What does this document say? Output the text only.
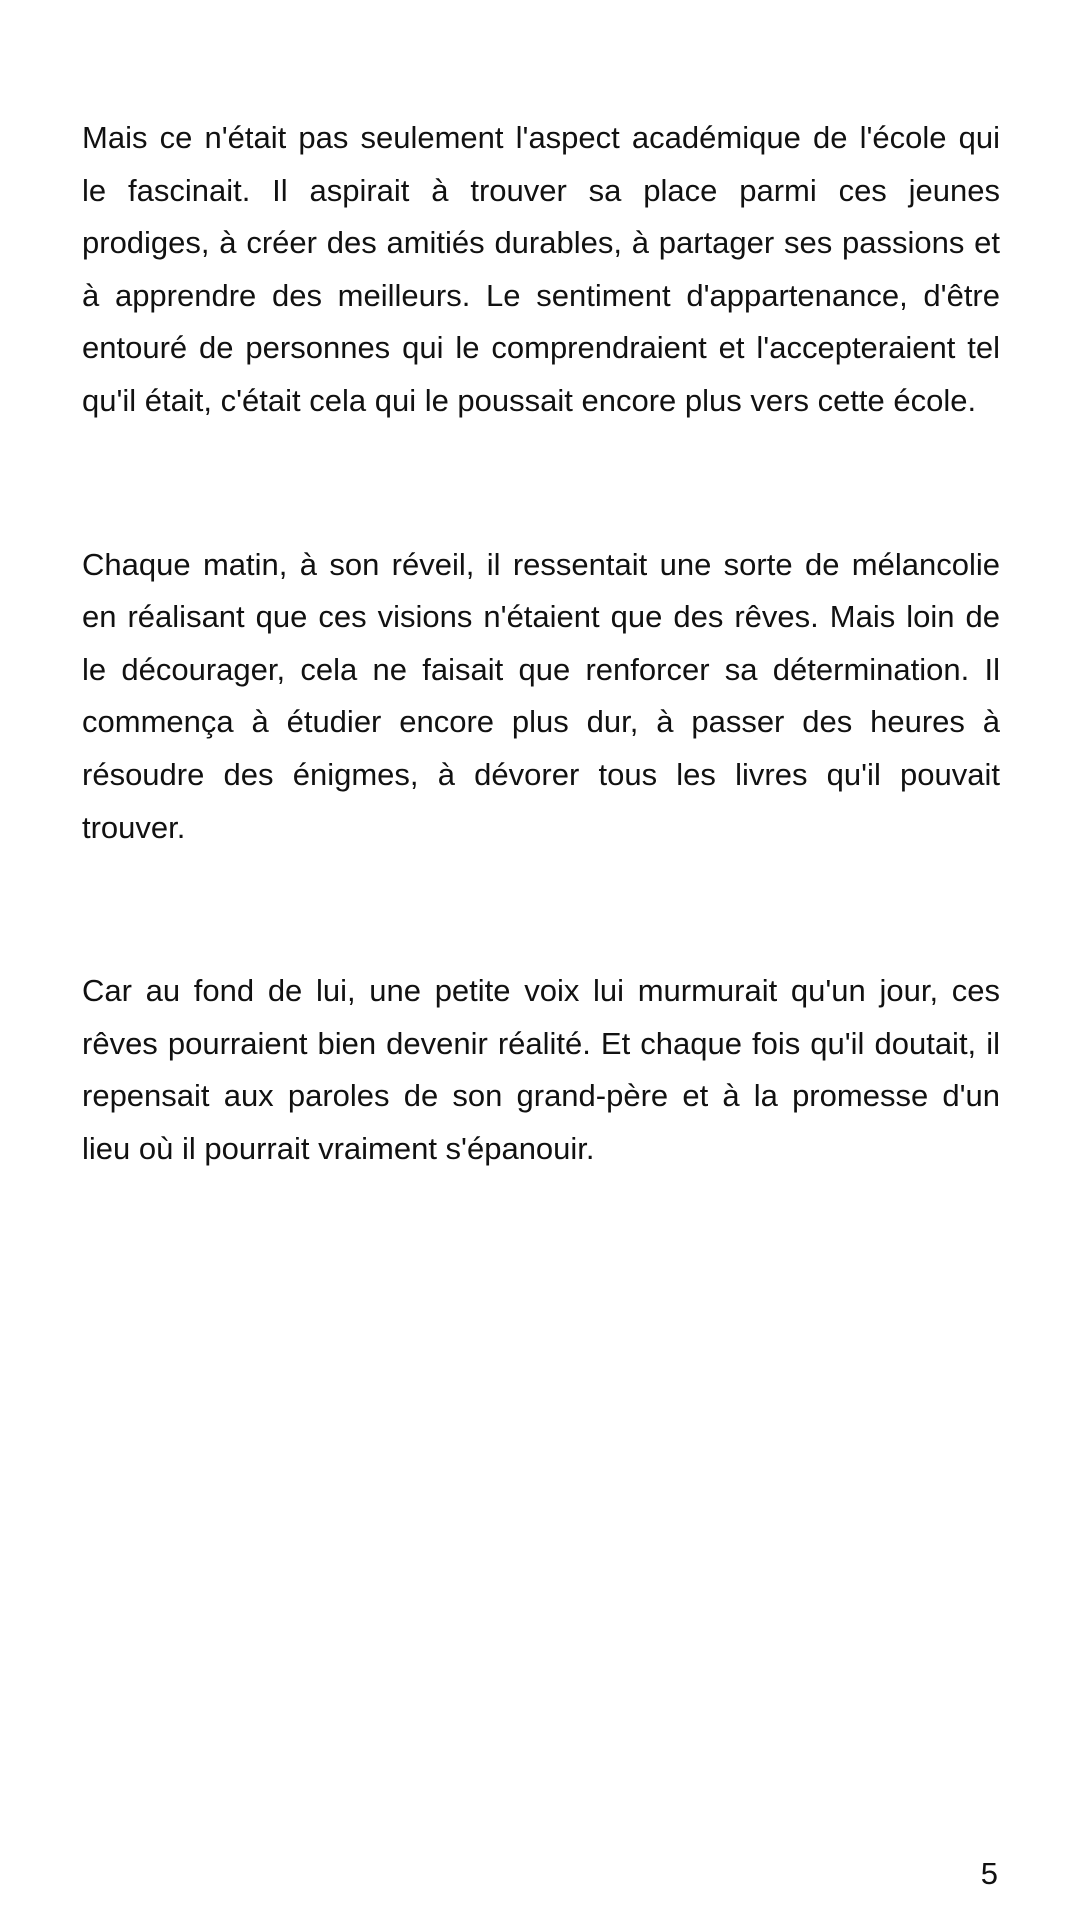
Mais ce n'était pas seulement l'aspect académique de l'école qui le fascinait. Il aspirait à trouver sa place parmi ces jeunes prodiges, à créer des amitiés durables, à partager ses passions et à apprendre des meilleurs. Le sentiment d'appartenance, d'être entouré de personnes qui le comprendraient et l'accepteraient tel qu'il était, c'était cela qui le poussait encore plus vers cette école.

Chaque matin, à son réveil, il ressentait une sorte de mélancolie en réalisant que ces visions n'étaient que des rêves. Mais loin de le décourager, cela ne faisait que renforcer sa détermination. Il commença à étudier encore plus dur, à passer des heures à résoudre des énigmes, à dévorer tous les livres qu'il pouvait trouver.

Car au fond de lui, une petite voix lui murmurait qu'un jour, ces rêves pourraient bien devenir réalité. Et chaque fois qu'il doutait, il repensait aux paroles de son grand-père et à la promesse d'un lieu où il pourrait vraiment s'épanouir.

5
